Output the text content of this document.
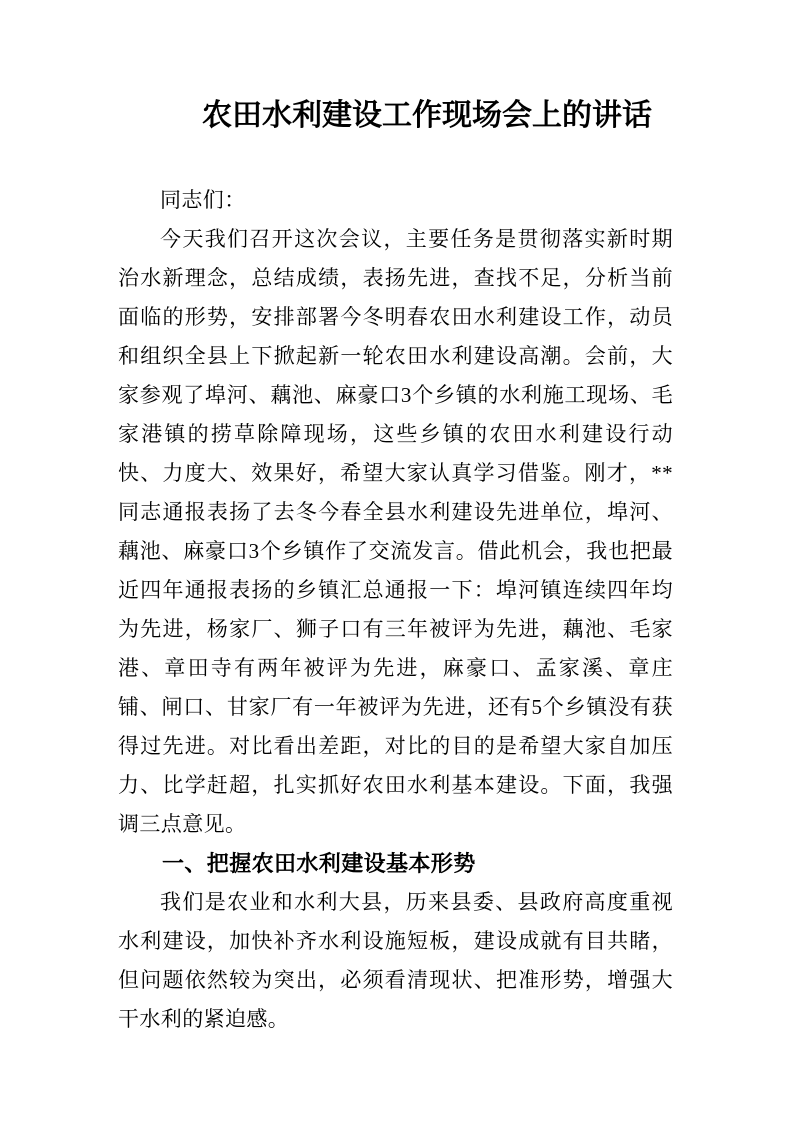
农田水利建设工作现场会上的讲话

同志们：

今天我们召开这次会议，主要任务是贯彻落实新时期治水新理念，总结成绩，表扬先进，查找不足，分析当前面临的形势，安排部署今冬明春农田水利建设工作，动员和组织全县上下掀起新一轮农田水利建设高潮。会前，大家参观了埠河、藕池、麻豪口3个乡镇的水利施工现场、毛家港镇的捞草除障现场，这些乡镇的农田水利建设行动快、力度大、效果好，希望大家认真学习借鉴。刚才，**同志通报表扬了去冬今春全县水利建设先进单位，埠河、藕池、麻豪口3个乡镇作了交流发言。借此机会，我也把最近四年通报表扬的乡镇汇总通报一下：埠河镇连续四年均为先进，杨家厂、狮子口有三年被评为先进，藕池、毛家港、章田寺有两年被评为先进，麻豪口、孟家溪、章庄铺、闸口、甘家厂有一年被评为先进，还有5个乡镇没有获得过先进。对比看出差距，对比的目的是希望大家自加压力、比学赶超，扎实抓好农田水利基本建设。下面，我强调三点意见。

一、把握农田水利建设基本形势

我们是农业和水利大县，历来县委、县政府高度重视水利建设，加快补齐水利设施短板，建设成就有目共睹，但问题依然较为突出，必须看清现状、把准形势，增强大干水利的紧迫感。
